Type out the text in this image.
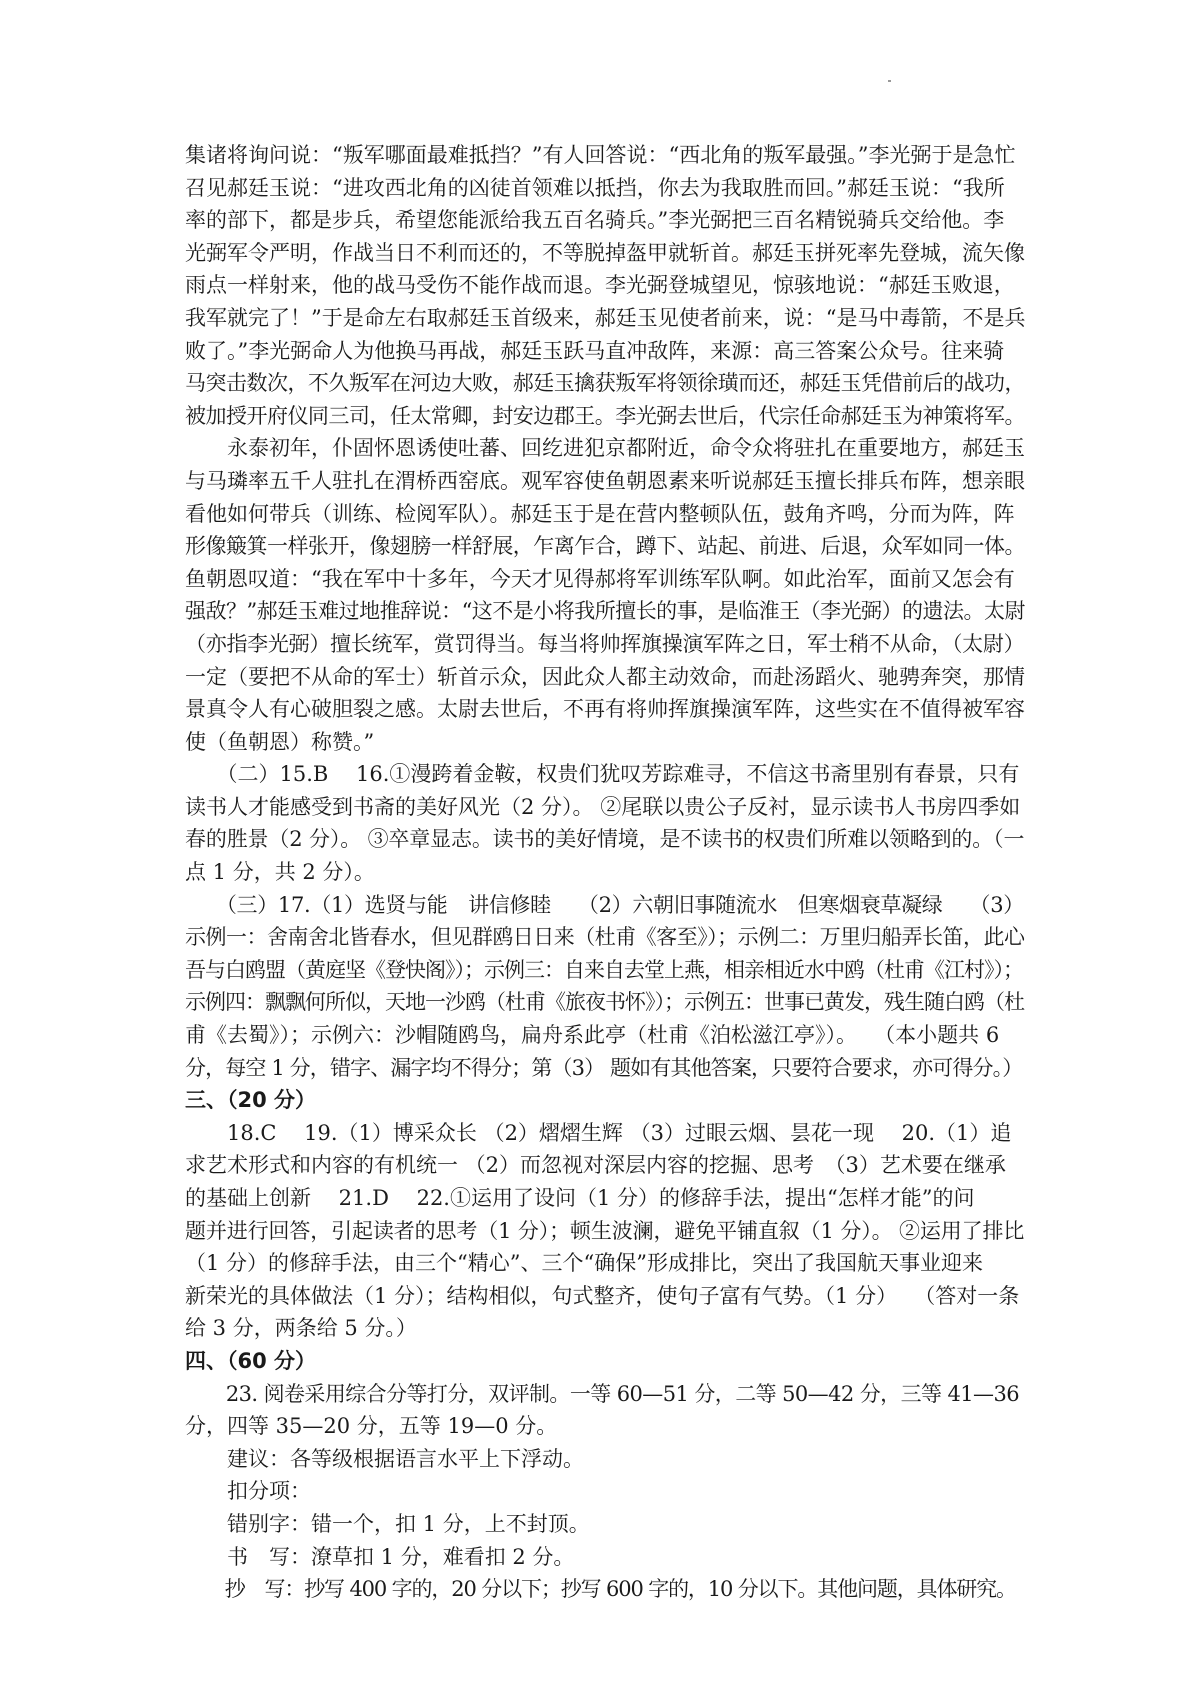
集诸将询问说：“叛军哪面最难抵挡？”有人回答说：“西北角的叛军最强。”李光弼于是急忙
召见郝廷玉说：“进攻西北角的凶徒首领难以抵挡，你去为我取胜而回。”郝廷玉说：“我所
率的部下，都是步兵，希望您能派给我五百名骑兵。”李光弼把三百名精锐骑兵交给他。李
光弼军令严明，作战当日不利而还的，不等脱掉盔甲就斩首。郝廷玉拼死率先登城，流矢像
雨点一样射来，他的战马受伤不能作战而退。李光弼登城望见，惊骇地说：“郝廷玉败退，
我军就完了！”于是命左右取郝廷玉首级来，郝廷玉见使者前来，说：“是马中毒箭，不是兵
败了。”李光弼命人为他换马再战，郝廷玉跃马直冲敌阵，来源：高三答案公众号。往来骑
马突击数次，不久叛军在河边大败，郝廷玉擒获叛军将领徐璜而还，郝廷玉凭借前后的战功，
被加授开府仪同三司，任太常卿，封安边郡王。李光弼去世后，代宗任命郝廷玉为神策将军。
　　永泰初年，仆固怀恩诱使吐蕃、回纥进犯京都附近，命令众将驻扎在重要地方，郝廷玉
与马璘率五千人驻扎在渭桥西窑底。观军容使鱼朝恩素来听说郝廷玉擅长排兵布阵，想亲眼
看他如何带兵（训练、检阅军队）。郝廷玉于是在营内整顿队伍，鼓角齐鸣，分而为阵，阵
形像簸箕一样张开，像翅膀一样舒展，乍离乍合，蹲下、站起、前进、后退，众军如同一体。
鱼朝恩叹道：“我在军中十多年，今天才见得郝将军训练军队啊。如此治军，面前又怎会有
强敌？”郝廷玉难过地推辞说：“这不是小将我所擅长的事，是临淮王（李光弼）的遗法。太尉
（亦指李光弼）擅长统军，赏罚得当。每当将帅挥旗操演军阵之日，军士稍不从命，（太尉）
一定（要把不从命的军士）斩首示众，因此众人都主动效命，而赴汤蹈火、驰骋奔突，那情
景真令人有心破胆裂之感。太尉去世后，不再有将帅挥旗操演军阵，这些实在不值得被军容
使（鱼朝恩）称赞。”
　　（二）15.B　 16.①漫跨着金鞍，权贵们犹叹芳踪难寻，不信这书斋里别有春景，只有
读书人才能感受到书斋的美好风光（2 分）。 ②尾联以贵公子反衬，显示读书人书房四季如
春的胜景（2 分）。 ③卒章显志。读书的美好情境，是不读书的权贵们所难以领略到的。（一
点 1 分，共 2 分）。
　　（三）17.（1）选贤与能　讲信修睦　 （2）六朝旧事随流水　但寒烟衰草凝绿　 （3）
示例一：舍南舍北皆春水，但见群鸥日日来（杜甫《客至》）；示例二：万里归船弄长笛，此心
吾与白鸥盟（黄庭坚《登快阁》）；示例三：自来自去堂上燕，相亲相近水中鸥（杜甫《江村》）；
示例四：飘飘何所似，天地一沙鸥（杜甫《旅夜书怀》）；示例五：世事已黄发，残生随白鸥（杜
甫《去蜀》）；示例六：沙帽随鸥鸟，扁舟系此亭（杜甫《泊松滋江亭》）。　 （本小题共 6
分，每空 1 分，错字、漏字均不得分；第（3） 题如有其他答案，只要符合要求，亦可得分。）
三、（20 分）
　　18.C　 19.（1）博采众长 （2）熠熠生辉 （3）过眼云烟、昙花一现　 20.（1）追
求艺术形式和内容的有机统一 （2）而忽视对深层内容的挖掘、思考　（3）艺术要在继承
的基础上创新　 21.D　 22.①运用了设问（1 分）的修辞手法，提出“怎样才能”的问
题并进行回答，引起读者的思考（1 分）；顿生波澜，避免平铺直叙（1 分）。 ②运用了排比
（1 分）的修辞手法，由三个“精心”、三个“确保”形成排比，突出了我国航天事业迎来
新荣光的具体做法（1 分）；结构相似，句式整齐，使句子富有气势。（1 分）　 （答对一条
给 3 分，两条给 5 分。）
四、（60 分）
　　23. 阅卷采用综合分等打分，双评制。一等 60—51 分，二等 50—42 分，三等 41—36
分，四等 35—20 分，五等 19—0 分。
　　建议：各等级根据语言水平上下浮动。
　　扣分项：
　　错别字：错一个，扣 1 分，上不封顶。
　　书　写：潦草扣 1 分，难看扣 2 分。
　　抄　写：抄写 400 字的，20 分以下；抄写 600 字的，10 分以下。其他问题，具体研究。
